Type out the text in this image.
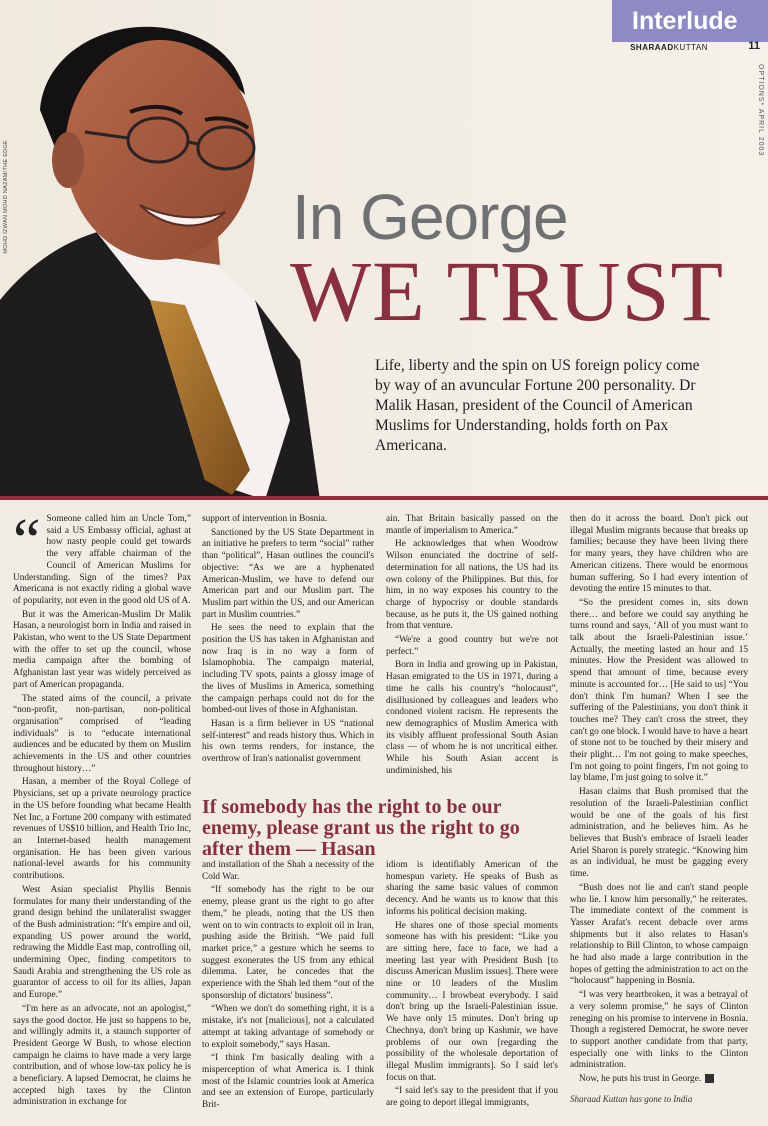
In George
WE TRUST
Life, liberty and the spin on US foreign policy come by way of an avuncular Fortune 200 personality. Dr Malik Hasan, president of the Council of American Muslims for Understanding, holds forth on Pax Americana.
MOHD IZWAN MOHD NAZAM/THE EDGE
Interlude
SHARAADKUTTAN	11
OPTIONS* APRIL 2003

“ Someone called him an Uncle Tom,” said a US Embassy official, aghast at how nasty people could get towards the very affable chairman of the Council of American Muslims for Understanding. Sign of the times? Pax Americana is not exactly riding a global wave of popularity, not even in the good old US of A.

But it was the American-Muslim Dr Malik Hasan, a neurologist born in India and raised in Pakistan, who went to the US State Department with the offer to set up the council, whose media campaign after the bombing of Afghanistan last year was widely perceived as part of American propaganda.

The stated aims of the council, a private “non-profit, non-partisan, non-political organisation” comprised of “leading individuals” is to “educate international audiences and be educated by them on Muslim achievements in the US and other countries throughout history…”

Hasan, a member of the Royal College of Physicians, set up a private neurology practice in the US before founding what became Health Net Inc, a Fortune 200 company with estimated revenues of US$10 billion, and Health Trio Inc, an Internet-based health management organisation. He has been given various national-level awards for his community contributions.

West Asian specialist Phyllis Bennis formulates for many their understanding of the grand design behind the unilateralist swagger of the Bush administration: “It's empire and oil, expanding US power around the world, redrawing the Middle East map, controlling oil, undermining Opec, finding competitors to Saudi Arabia and strengthening the US role as guarantor of access to oil for its allies, Japan and Europe.”

“I'm here as an advocate, not an apologist,” says the good doctor. He just so happens to be, and willingly admits it, a staunch supporter of President George W Bush, to whose election campaign he claims to have made a very large contribution, and of whose low-tax policy he is a beneficiary. A lapsed Democrat, he claims he accepted high taxes by the Clinton administration in exchange for

support of intervention in Bosnia.

Sanctioned by the US State Department in an initiative he prefers to term “social” rather than “political”, Hasan outlines the council's objective: “As we are a hyphenated American-Muslim, we have to defend our American part and our Muslim part. The Muslim part within the US, and our American part in Muslim countries.”

He sees the need to explain that the position the US has taken in Afghanistan and now Iraq is in no way a form of Islamophobia. The campaign material, including TV spots, paints a glossy image of the lives of Muslims in America, something the campaign perhaps could not do for the bombed-out lives of those in Afghanistan.

Hasan is a firm believer in US “national self-interest” and reads history thus. Which in his own terms renders, for instance, the overthrow of Iran's nationalist government

ain. That Britain basically passed on the mantle of imperialism to America.”

He acknowledges that when Woodrow Wilson enunciated the doctrine of self-determination for all nations, the US had its own colony of the Philippines. But this, for him, in no way exposes his country to the charge of hypocrisy or double standards because, as he puts it, the US gained nothing from that venture.

“We're a good country but we're not perfect.”

Born in India and growing up in Pakistan, Hasan emigrated to the US in 1971, during a time he calls his country's “holocaust”, disillusioned by colleagues and leaders who condoned violent racism. He represents the new demographics of Muslim America with its visibly affluent professional South Asian class — of whom he is not uncritical either. While his South Asian accent is undiminished, his

If somebody has the right to be our enemy, please grant us the right to go after them — Hasan

and installation of the Shah a necessity of the Cold War.

“If somebody has the right to be our enemy, please grant us the right to go after them,” he pleads, noting that the US then went on to win contracts to exploit oil in Iran, pushing aside the British. “We paid full market price,” a gesture which he seems to suggest exonerates the US from any ethical dilemma. Later, he concedes that the experience with the Shah led them “out of the sponsorship of dictators' business”.

“When we don't do something right, it is a mistake, it's not [malicious], not a calculated attempt at taking advantage of somebody or to exploit somebody,” says Hasan.

“I think I'm basically dealing with a misperception of what America is. I think most of the Islamic countries look at America and see an extension of Europe, particularly Brit-

idiom is identifiably American of the homespun variety. He speaks of Bush as sharing the same basic values of common decency. And he wants us to know that this informs his political decision making.

He shares one of those special moments someone has with his president: “Like you are sitting here, face to face, we had a meeting last year with President Bush [to discuss American Muslim issues]. There were nine or 10 leaders of the Muslim community… I browbeat everybody. I said don't bring up the Israeli-Palestinian issue. We have only 15 minutes. Don't bring up Chechnya, don't bring up Kashmir, we have problems of our own [regarding the possibility of the wholesale deportation of illegal Muslim immigrants]. So I said let's focus on that.

“I said let's say to the president that if you are going to deport illegal immigrants,

then do it across the board. Don't pick out illegal Muslim migrants because that breaks up families; because they have been living there for many years, they have children who are American citizens. There would be enormous human suffering. So I had every intention of devoting the entire 15 minutes to that.

“So the president comes in, sits down there… and before we could say anything he turns round and says, ‘All of you must want to talk about the Israeli-Palestinian issue.’ Actually, the meeting lasted an hour and 15 minutes. How the President was allowed to spend that amount of time, because every minute is accounted for… [He said to us] “You don't think I'm human? When I see the suffering of the Palestinians, you don't think it touches me? They can't cross the street, they can't go one block. I would have to have a heart of stone not to be touched by their misery and their plight… I'm not going to make speeches, I'm not going to point fingers, I'm not going to lay blame, I'm just going to solve it.”

Hasan claims that Bush promised that the resolution of the Israeli-Palestinian conflict would be one of the goals of his first administration, and he believes him. As he believes that Bush's embrace of Israeli leader Ariel Sharon is purely strategic. “Knowing him as an individual, he must be gagging every time.

“Bush does not lie and can't stand people who lie. I know him personally,” he reiterates. The immediate context of the comment is Yasser Arafat's recent debacle over arms shipments but it also relates to Hasan's relationship to Bill Clinton, to whose campaign he had also made a large contribution in the hopes of getting the administration to act on the “holocaust” happening in Bosnia.

“I was very heartbroken, it was a betrayal of a very solemn promise,” he says of Clinton reneging on his promise to intervene in Bosnia. Though a registered Democrat, he swore never to support another candidate from that party, especially one with links to the Clinton administration.

Now, he puts his trust in George. E

Sharaad Kuttan has gone to India
